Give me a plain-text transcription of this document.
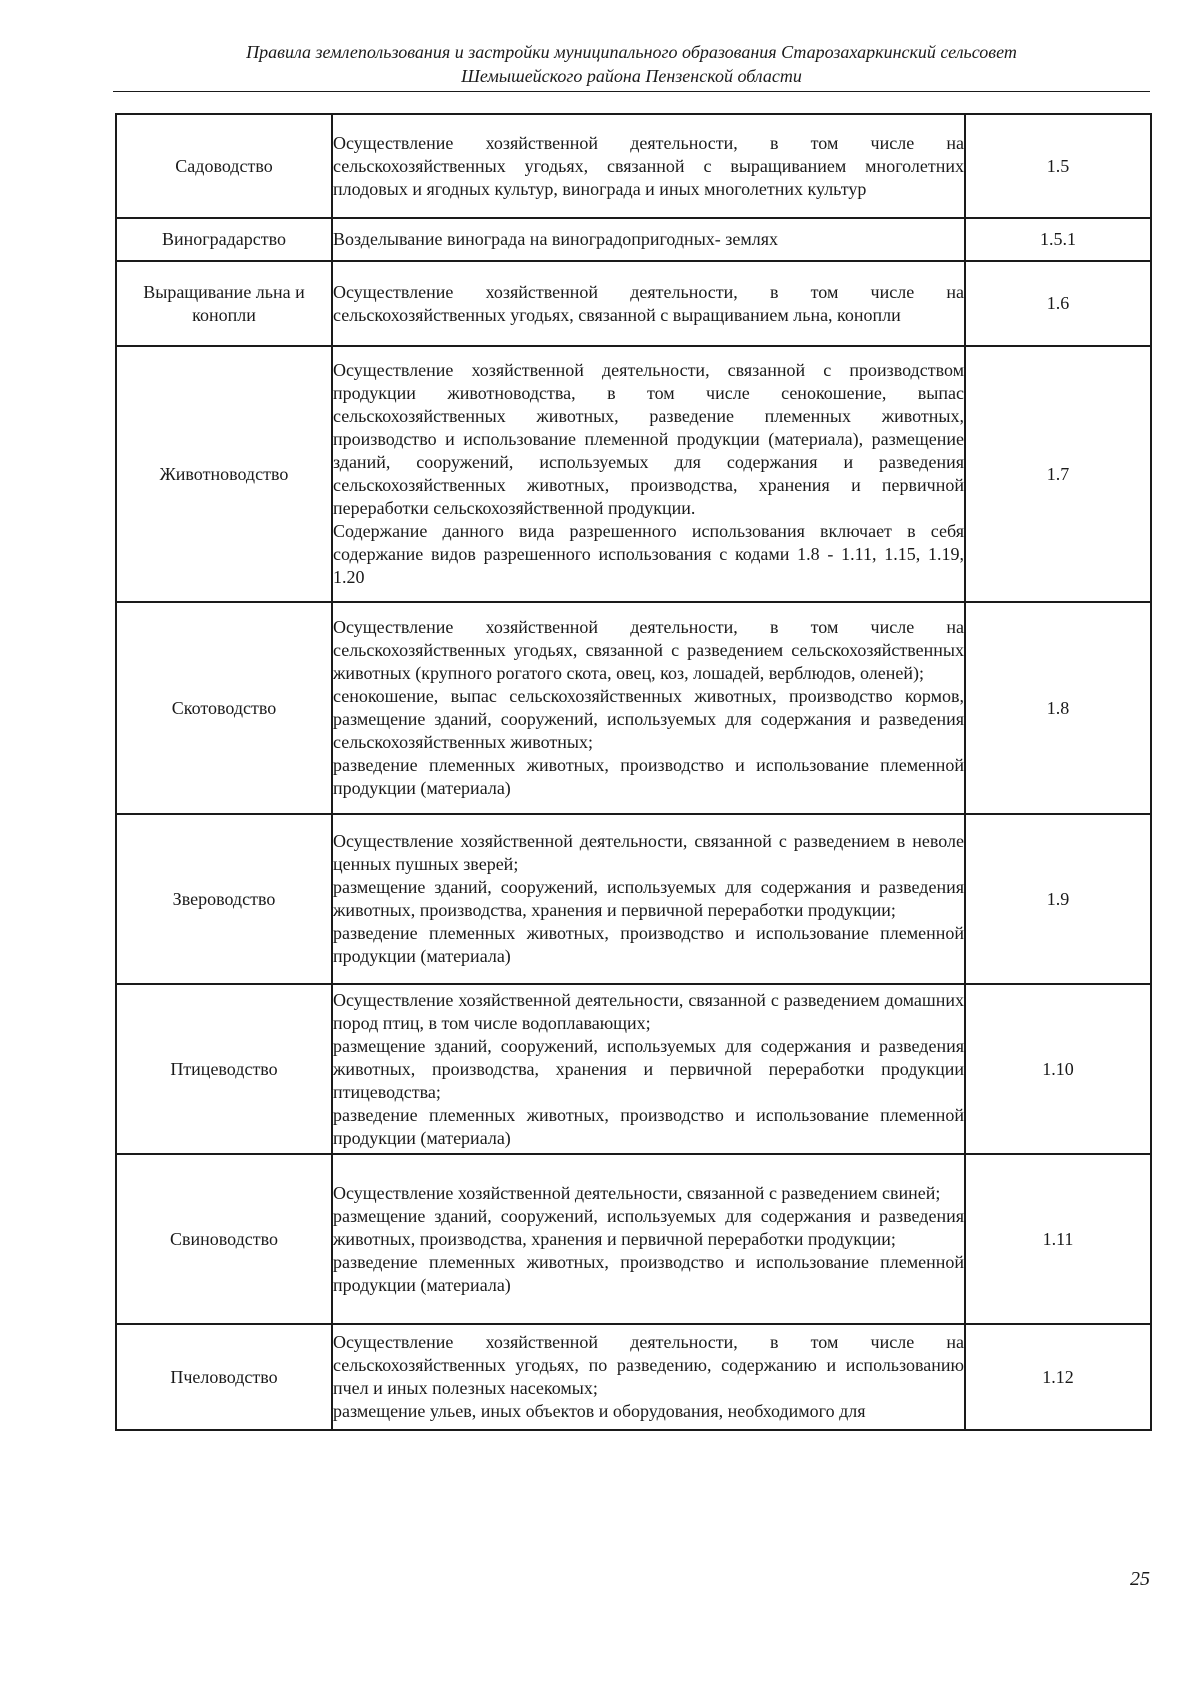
Правила землепользования и застройки муниципального образования Старозахаркинский сельсовет
Шемышейского района Пензенской области
Садоводство	Осуществление хозяйственной деятельности, в том числе на сельскохозяйственных угодьях, связанной с выращиванием многолетних плодовых и ягодных культур, винограда и иных многолетних культур	1.5
Виноградарство	Возделывание винограда на виноградопригодных- землях	1.5.1
Выращивание льна и конопли	Осуществление хозяйственной деятельности, в том числе на сельскохозяйственных угодьях, связанной с выращиванием льна, конопли	1.6
Животноводство	Осуществление хозяйственной деятельности, связанной с производством продукции животноводства, в том числе сенокошение, выпас сельскохозяйственных животных, разведение племенных животных, производство и использование племенной продукции (материала), размещение зданий, сооружений, используемых для содержания и разведения сельскохозяйственных животных, производства, хранения и первичной переработки сельскохозяйственной продукции.

Содержание данного вида разрешенного использования включает в себя содержание видов разрешенного использования с кодами 1.8 - 1.11, 1.15, 1.19, 1.20	1.7
Скотоводство	Осуществление хозяйственной деятельности, в том числе на сельскохозяйственных угодьях, связанной с разведением сельскохозяйственных животных (крупного рогатого скота, овец, коз, лошадей, верблюдов, оленей);

сенокошение, выпас сельскохозяйственных животных, производство кормов, размещение зданий, сооружений, используемых для содержания и разведения сельскохозяйственных животных;

разведение племенных животных, производство и использование племенной продукции (материала)	1.8
Звероводство	Осуществление хозяйственной деятельности, связанной с разведением в неволе ценных пушных зверей;

размещение зданий, сооружений, используемых для содержания и разведения животных, производства, хранения и первичной переработки продукции;

разведение племенных животных, производство и использование племенной продукции (материала)	1.9
Птицеводство	Осуществление хозяйственной деятельности, связанной с разведением домашних пород птиц, в том числе водоплавающих;

размещение зданий, сооружений, используемых для содержания и разведения животных, производства, хранения и первичной переработки продукции птицеводства;

разведение племенных животных, производство и использование племенной продукции (материала)	1.10
Свиноводство	Осуществление хозяйственной деятельности, связанной с разведением свиней;

размещение зданий, сооружений, используемых для содержания и разведения животных, производства, хранения и первичной переработки продукции;

разведение племенных животных, производство и использование племенной продукции (материала)	1.11
Пчеловодство	Осуществление хозяйственной деятельности, в том числе на сельскохозяйственных угодьях, по разведению, содержанию и использованию пчел и иных полезных насекомых;

размещение ульев, иных объектов и оборудования, необходимого для	1.12
25
